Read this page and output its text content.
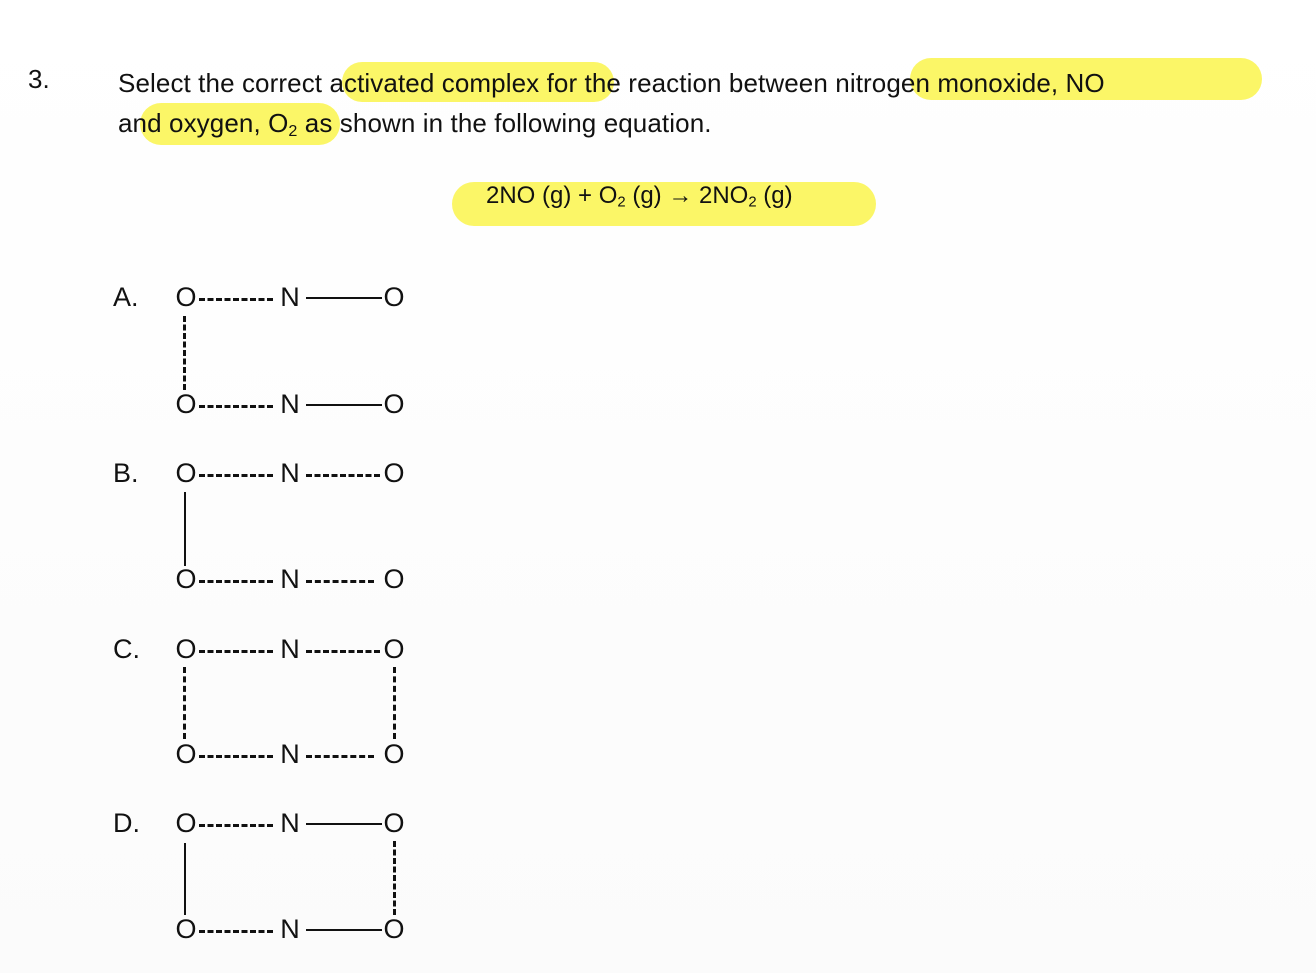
3.	Select the correct activated complex for the reaction between nitrogen monoxide, NO
and oxygen, $O_2$ as shown in the following equation.
2NO $(g) + O_2$ $(g) \to 2NO_2$ (g)
A. O	N	O
O	N	O
B. O	N	O
O	N	O
C. O	N	O
O	N	O
D. O	N	O
O	N	O
